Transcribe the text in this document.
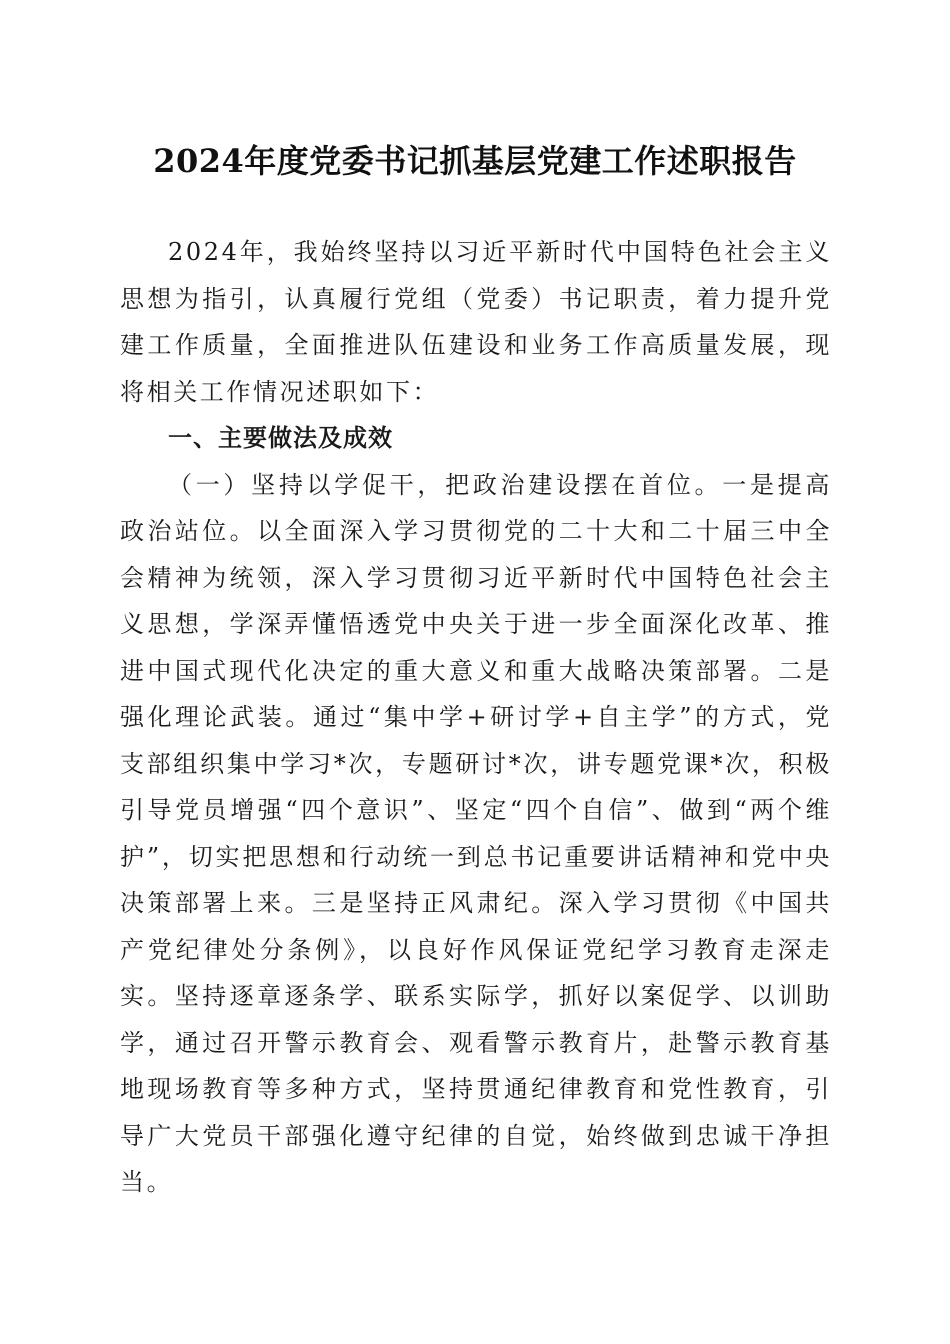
2024年度党委书记抓基层党建工作述职报告

2024年，我始终坚持以习近平新时代中国特色社会主义思想为指引，认真履行党组（党委）书记职责，着力提升党建工作质量，全面推进队伍建设和业务工作高质量发展，现将相关工作情况述职如下：

一、主要做法及成效

（一）坚持以学促干，把政治建设摆在首位。一是提高政治站位。以全面深入学习贯彻党的二十大和二十届三中全会精神为统领，深入学习贯彻习近平新时代中国特色社会主义思想，学深弄懂悟透党中央关于进一步全面深化改革、推进中国式现代化决定的重大意义和重大战略决策部署。二是强化理论武装。通过“集中学+研讨学+自主学”的方式，党支部组织集中学习*次，专题研讨*次，讲专题党课*次，积极引导党员增强“四个意识”、坚定“四个自信”、做到“两个维护”，切实把思想和行动统一到总书记重要讲话精神和党中央决策部署上来。三是坚持正风肃纪。深入学习贯彻《中国共产党纪律处分条例》，以良好作风保证党纪学习教育走深走实。坚持逐章逐条学、联系实际学，抓好以案促学、以训助学，通过召开警示教育会、观看警示教育片，赴警示教育基地现场教育等多种方式，坚持贯通纪律教育和党性教育，引导广大党员干部强化遵守纪律的自觉，始终做到忠诚干净担当。
